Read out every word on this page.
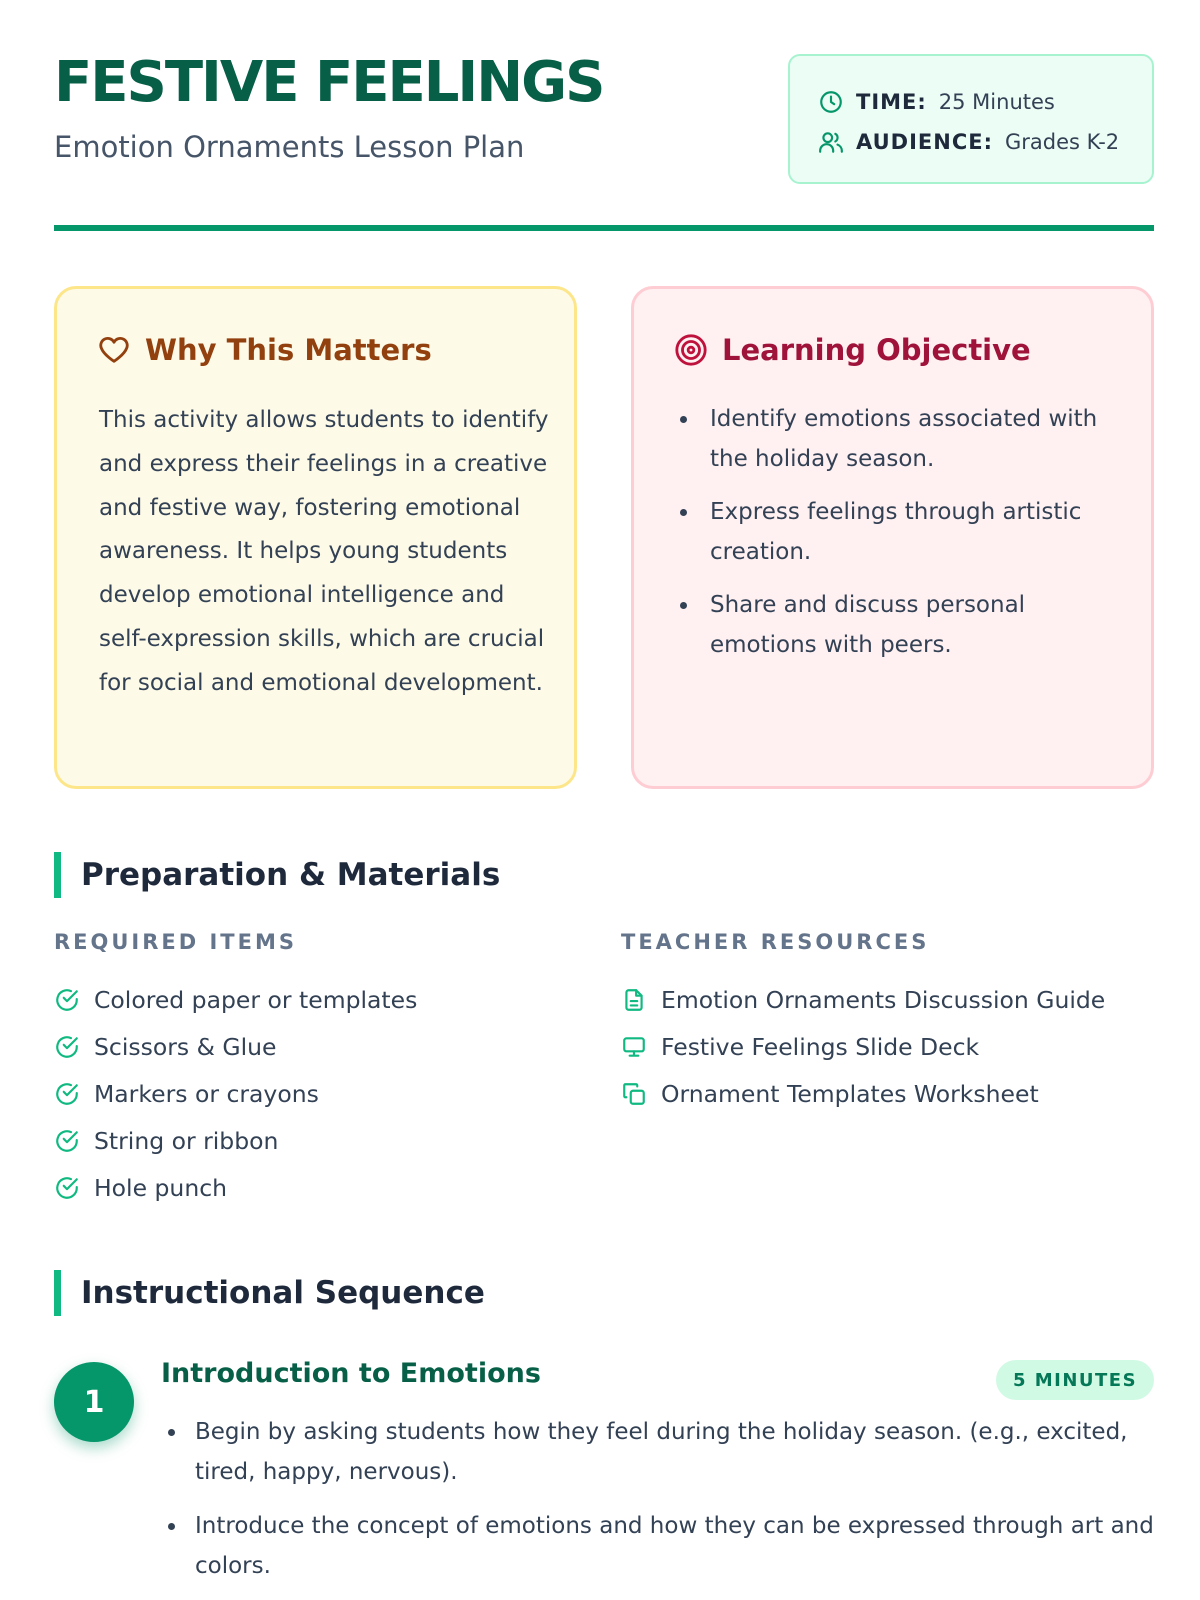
FESTIVE FEELINGS
Emotion Ornaments Lesson Plan
TIME: 25 Minutes
AUDIENCE: Grades K-2
Why This Matters

This activity allows students to identify and express their feelings in a creative and festive way, fostering emotional awareness. It helps young students develop emotional intelligence and self-expression skills, which are crucial for social and emotional development.

Learning Objective
Identify emotions associated with the holiday season.
Express feelings through artistic creation.
Share and discuss personal emotions with peers.
Preparation & Materials
REQUIRED ITEMS
Colored paper or templates
Scissors & Glue
Markers or crayons
String or ribbon
Hole punch
TEACHER RESOURCES
Emotion Ornaments Discussion Guide
Festive Feelings Slide Deck
Ornament Templates Worksheet
Instructional Sequence
1
Introduction to Emotions	5 MINUTES
Begin by asking students how they feel during the holiday season. (e.g., excited, tired, happy, nervous).
Introduce the concept of emotions and how they can be expressed through art and colors.
